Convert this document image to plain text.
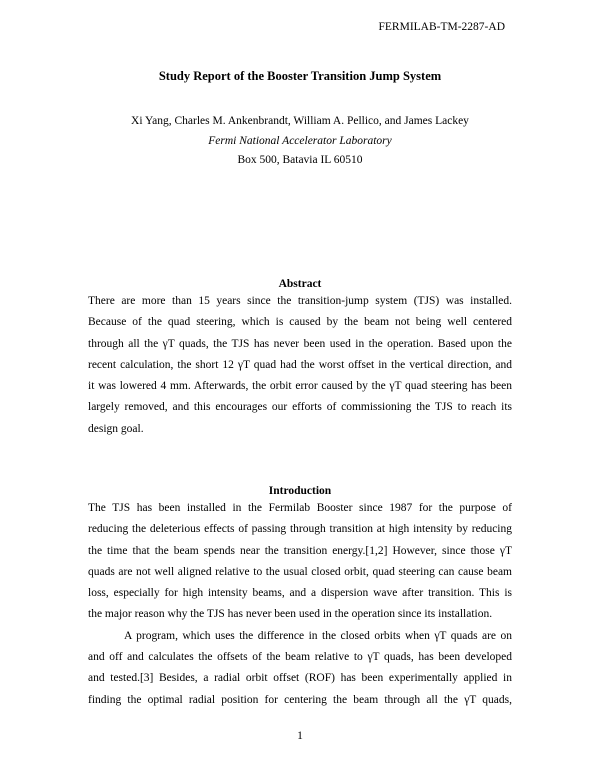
FERMILAB-TM-2287-AD
Study Report of the Booster Transition Jump System
Xi Yang, Charles M. Ankenbrandt, William A. Pellico, and James Lackey
Fermi National Accelerator Laboratory
Box 500, Batavia IL 60510
Abstract
There are more than 15 years since the transition-jump system (TJS) was installed.
Because of the quad steering, which is caused by the beam not being well centered
through all the γT quads, the TJS has never been used in the operation. Based upon the
recent calculation, the short 12 γT quad had the worst offset in the vertical direction, and
it was lowered 4 mm. Afterwards, the orbit error caused by the γT quad steering has been
largely removed, and this encourages our efforts of commissioning the TJS to reach its
design goal.
Introduction
The TJS has been installed in the Fermilab Booster since 1987 for the purpose of
reducing the deleterious effects of passing through transition at high intensity by reducing
the time that the beam spends near the transition energy.[1,2] However, since those γT
quads are not well aligned relative to the usual closed orbit, quad steering can cause beam
loss, especially for high intensity beams, and a dispersion wave after transition. This is
the major reason why the TJS has never been used in the operation since its installation.
A program, which uses the difference in the closed orbits when γT quads are on
and off and calculates the offsets of the beam relative to γT quads, has been developed
and tested.[3] Besides, a radial orbit offset (ROF) has been experimentally applied in
finding the optimal radial position for centering the beam through all the γT quads,
1
